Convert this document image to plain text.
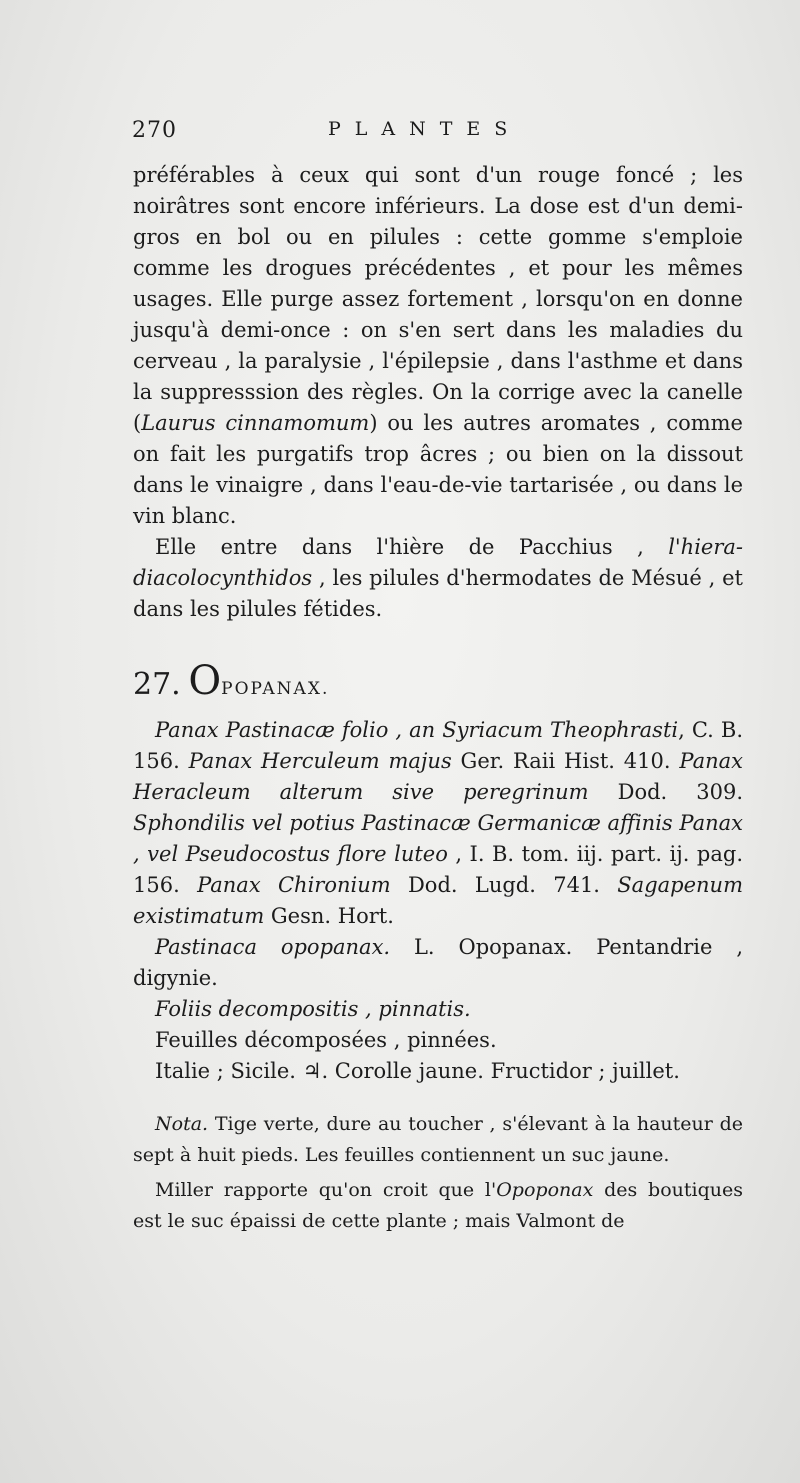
270	PLANTES

préférables à ceux qui sont d'un rouge foncé ; les noirâtres sont encore inférieurs. La dose est d'un demi-gros en bol ou en pilules : cette gomme s'emploie comme les drogues précédentes , et pour les mêmes usages. Elle purge assez fortement , lorsqu'on en donne jusqu'à demi-once : on s'en sert dans les maladies du cerveau , la paralysie , l'épilepsie , dans l'asthme et dans la suppresssion des règles. On la corrige avec la canelle (Laurus cinnamomum) ou les autres aromates , comme on fait les purgatifs trop âcres ; ou bien on la dissout dans le vinaigre , dans l'eau-de-vie tartarisée , ou dans le vin blanc.

Elle entre dans l'hière de Pacchius , l'hiera-diacolocynthidos , les pilules d'hermodates de Mésué , et dans les pilules fétides.

27. OPOPANAX.

Panax Pastinacæ folio , an Syriacum Theophrasti, C. B. 156. Panax Herculeum majus Ger. Raii Hist. 410. Panax Heracleum alterum sive peregrinum Dod. 309. Sphondilis vel potius Pastinacæ Germanicæ affinis Panax , vel Pseudocostus flore luteo , I. B. tom. iij. part. ij. pag. 156. Panax Chironium Dod. Lugd. 741. Sagapenum existimatum Gesn. Hort.

Pastinaca opopanax. L. Opopanax. Pentandrie , digynie.

Foliis decompositis , pinnatis.

Feuilles décomposées , pinnées.

Italie ; Sicile. ♃. Corolle jaune. Fructidor ; juillet.

Nota. Tige verte, dure au toucher , s'élevant à la hauteur de sept à huit pieds. Les feuilles contiennent un suc jaune.

Miller rapporte qu'on croit que l'Opoponax des boutiques est le suc épaissi de cette plante ; mais Valmont de
